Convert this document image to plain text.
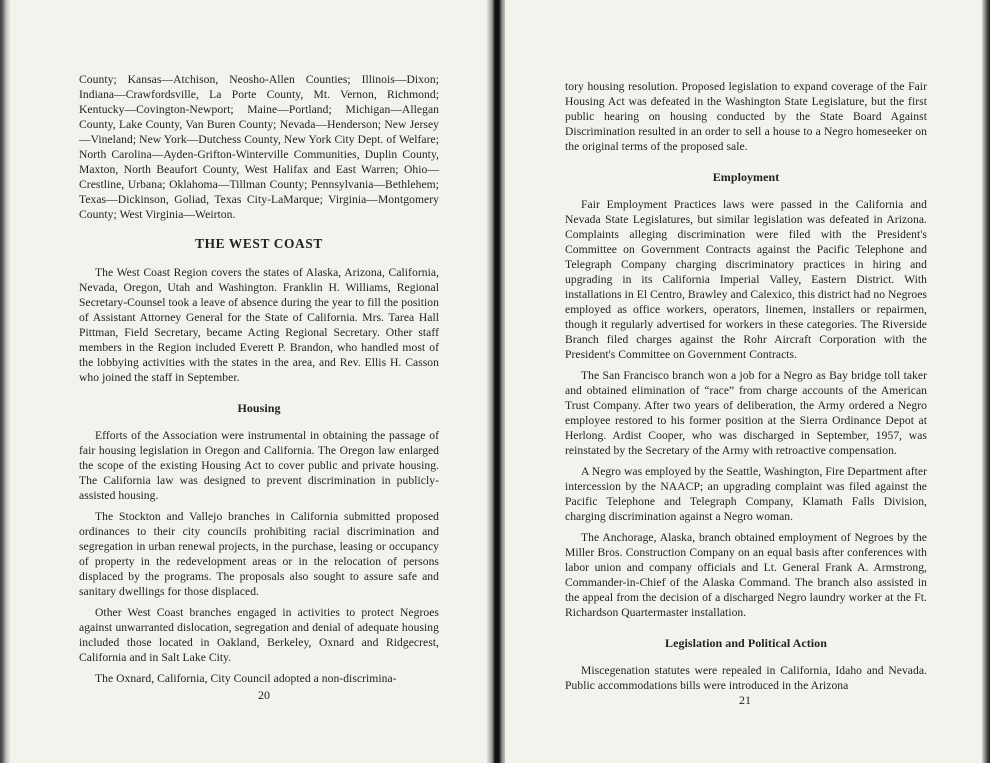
County; Kansas—Atchison, Neosho-Allen Counties; Illinois—Dixon; Indiana—Crawfordsville, La Porte County, Mt. Vernon, Richmond; Kentucky—Covington-Newport; Maine—Portland; Michigan—Allegan County, Lake County, Van Buren County; Nevada—Henderson; New Jersey—Vineland; New York—Dutchess County, New York City Dept. of Welfare; North Carolina—Ayden-Grifton-Winterville Communities, Duplin County, Maxton, North Beaufort County, West Halifax and East Warren; Ohio—Crestline, Urbana; Oklahoma—Tillman County; Pennsylvania—Bethlehem; Texas—Dickinson, Goliad, Texas City-LaMarque; Virginia—Montgomery County; West Virginia—Weirton.

THE WEST COAST

The West Coast Region covers the states of Alaska, Arizona, California, Nevada, Oregon, Utah and Washington. Franklin H. Williams, Regional Secretary-Counsel took a leave of absence during the year to fill the position of Assistant Attorney General for the State of California. Mrs. Tarea Hall Pittman, Field Secretary, became Acting Regional Secretary. Other staff members in the Region included Everett P. Brandon, who handled most of the lobbying activities with the states in the area, and Rev. Ellis H. Casson who joined the staff in September.

Housing

Efforts of the Association were instrumental in obtaining the passage of fair housing legislation in Oregon and California. The Oregon law enlarged the scope of the existing Housing Act to cover public and private housing. The California law was designed to prevent discrimination in publicly-assisted housing.

The Stockton and Vallejo branches in California submitted proposed ordinances to their city councils prohibiting racial discrimination and segregation in urban renewal projects, in the purchase, leasing or occupancy of property in the redevelopment areas or in the relocation of persons displaced by the programs. The proposals also sought to assure safe and sanitary dwellings for those displaced.

Other West Coast branches engaged in activities to protect Negroes against unwarranted dislocation, segregation and denial of adequate housing included those located in Oakland, Berkeley, Oxnard and Ridgecrest, California and in Salt Lake City.

The Oxnard, California, City Council adopted a non-discrimina-

20

tory housing resolution. Proposed legislation to expand coverage of the Fair Housing Act was defeated in the Washington State Legislature, but the first public hearing on housing conducted by the State Board Against Discrimination resulted in an order to sell a house to a Negro homeseeker on the original terms of the proposed sale.

Employment

Fair Employment Practices laws were passed in the California and Nevada State Legislatures, but similar legislation was defeated in Arizona. Complaints alleging discrimination were filed with the President's Committee on Government Contracts against the Pacific Telephone and Telegraph Company charging discriminatory practices in hiring and upgrading in its California Imperial Valley, Eastern District. With installations in El Centro, Brawley and Calexico, this district had no Negroes employed as office workers, operators, linemen, installers or repairmen, though it regularly advertised for workers in these categories. The Riverside Branch filed charges against the Rohr Aircraft Corporation with the President's Committee on Government Contracts.

The San Francisco branch won a job for a Negro as Bay bridge toll taker and obtained elimination of “race” from charge accounts of the American Trust Company. After two years of deliberation, the Army ordered a Negro employee restored to his former position at the Sierra Ordinance Depot at Herlong. Ardist Cooper, who was discharged in September, 1957, was reinstated by the Secretary of the Army with retroactive compensation.

A Negro was employed by the Seattle, Washington, Fire Department after intercession by the NAACP; an upgrading complaint was filed against the Pacific Telephone and Telegraph Company, Klamath Falls Division, charging discrimination against a Negro woman.

The Anchorage, Alaska, branch obtained employment of Negroes by the Miller Bros. Construction Company on an equal basis after conferences with labor union and company officials and Lt. General Frank A. Armstrong, Commander-in-Chief of the Alaska Command. The branch also assisted in the appeal from the decision of a discharged Negro laundry worker at the Ft. Richardson Quartermaster installation.

Legislation and Political Action

Miscegenation statutes were repealed in California, Idaho and Nevada. Public accommodations bills were introduced in the Arizona

21
